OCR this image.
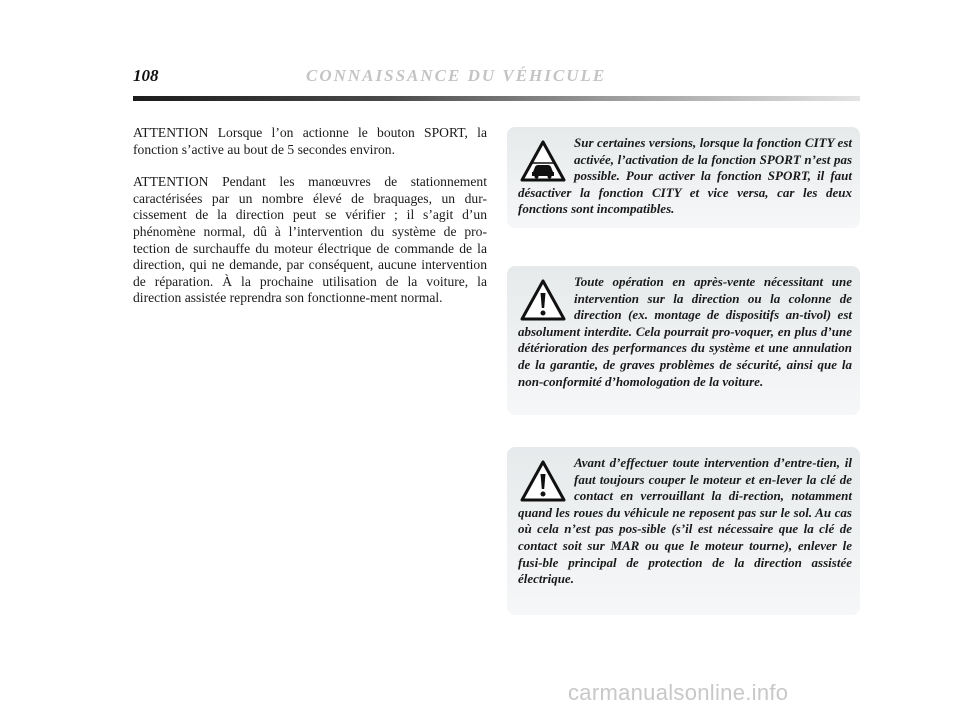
108	CONNAISSANCE DU VÉHICULE

ATTENTION Lorsque l’on actionne le bouton SPORT, la fonction s’active au bout de 5 secondes environ.

ATTENTION Pendant les manœuvres de stationnement caractérisées par un nombre élevé de braquages, un dur-cissement de la direction peut se vérifier ; il s’agit d’un phénomène normal, dû à l’intervention du système de pro-tection de surchauffe du moteur électrique de commande de la direction, qui ne demande, par conséquent, aucune intervention de réparation. À la prochaine utilisation de la voiture, la direction assistée reprendra son fonctionne-ment normal.

Sur certaines versions, lorsque la fonction CITY est activée, l’activation de la fonction SPORT n’est pas possible. Pour activer la fonction SPORT, il faut désactiver la fonction CITY et vice versa, car les deux fonctions sont incompatibles.

Toute opération en après-vente nécessitant une intervention sur la direction ou la colonne de direction (ex. montage de dispositifs an-tivol) est absolument interdite. Cela pourrait pro-voquer, en plus d’une détérioration des performances du système et une annulation de la garantie, de graves problèmes de sécurité, ainsi que la non-conformité d’homologation de la voiture.

Avant d’effectuer toute intervention d’entre-tien, il faut toujours couper le moteur et en-lever la clé de contact en verrouillant la di-rection, notamment quand les roues du véhicule ne reposent pas sur le sol. Au cas où cela n’est pas pos-sible (s’il est nécessaire que la clé de contact soit sur MAR ou que le moteur tourne), enlever le fusi-ble principal de protection de la direction assistée électrique.

carmanualsonline.info
